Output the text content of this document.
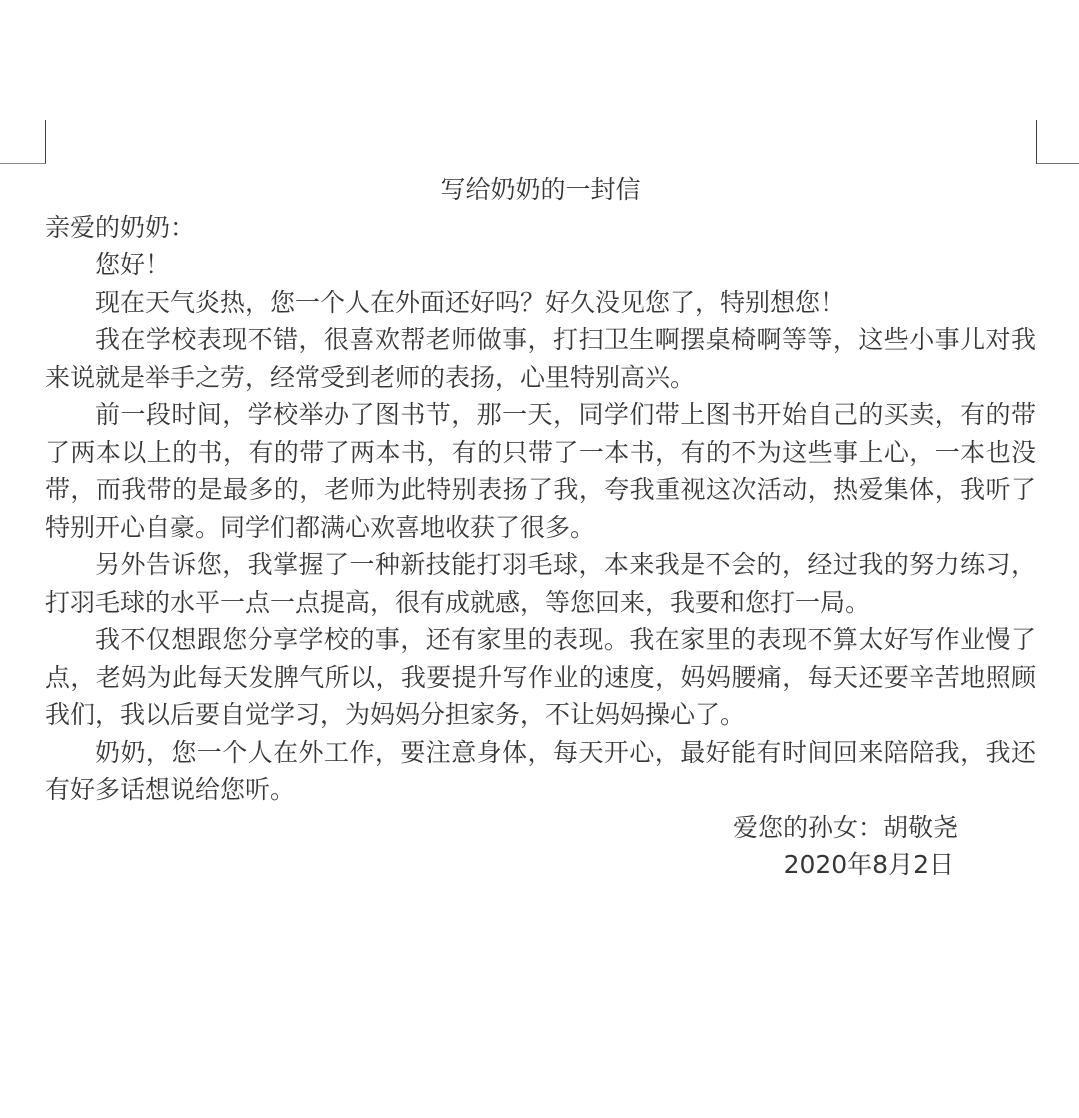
写给奶奶的一封信

亲爱的奶奶：

您好！

现在天气炎热，您一个人在外面还好吗？好久没见您了，特别想您！

我在学校表现不错，很喜欢帮老师做事，打扫卫生啊摆桌椅啊等等，这些小事儿对我来说就是举手之劳，经常受到老师的表扬，心里特别高兴。

前一段时间，学校举办了图书节，那一天，同学们带上图书开始自己的买卖，有的带了两本以上的书，有的带了两本书，有的只带了一本书，有的不为这些事上心，一本也没带，而我带的是最多的，老师为此特别表扬了我，夸我重视这次活动，热爱集体，我听了特别开心自豪。同学们都满心欢喜地收获了很多。

另外告诉您，我掌握了一种新技能打羽毛球，本来我是不会的，经过我的努力练习，打羽毛球的水平一点一点提高，很有成就感，等您回来，我要和您打一局。

我不仅想跟您分享学校的事，还有家里的表现。我在家里的表现不算太好写作业慢了点，老妈为此每天发脾气所以，我要提升写作业的速度，妈妈腰痛，每天还要辛苦地照顾我们，我以后要自觉学习，为妈妈分担家务，不让妈妈操心了。

奶奶，您一个人在外工作，要注意身体，每天开心，最好能有时间回来陪陪我，我还有好多话想说给您听。

爱您的孙女：胡敬尧

2020年8月2日
